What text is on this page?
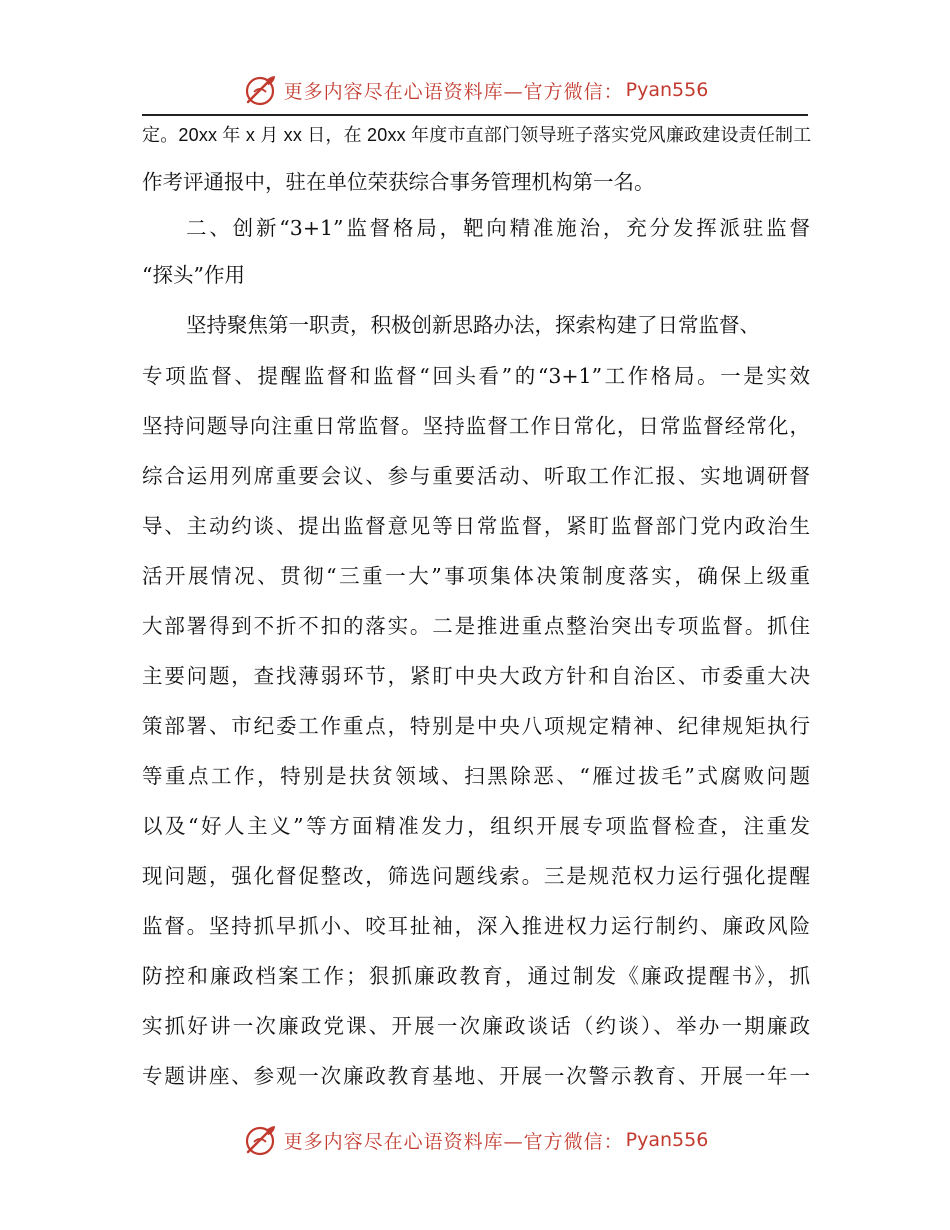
更多内容尽在心语资料库—官方微信： Pyan556
定。20xx 年 x 月 xx 日，在 20xx 年度市直部门领导班子落实党风廉政建设责任制工
作考评通报中，驻在单位荣获综合事务管理机构第一名。
二、创新“3+1”监督格局，靶向精准施治，充分发挥派驻监督
“探头”作用
坚持聚焦第一职责，积极创新思路办法，探索构建了日常监督、
专项监督、提醒监督和监督“回头看”的“3+1”工作格局。一是实效
坚持问题导向注重日常监督。坚持监督工作日常化，日常监督经常化，
综合运用列席重要会议、参与重要活动、听取工作汇报、实地调研督
导、主动约谈、提出监督意见等日常监督，紧盯监督部门党内政治生
活开展情况、贯彻“三重一大”事项集体决策制度落实，确保上级重
大部署得到不折不扣的落实。二是推进重点整治突出专项监督。抓住
主要问题，查找薄弱环节，紧盯中央大政方针和自治区、市委重大决
策部署、市纪委工作重点，特别是中央八项规定精神、纪律规矩执行
等重点工作，特别是扶贫领域、扫黑除恶、“雁过拔毛”式腐败问题
以及“好人主义”等方面精准发力，组织开展专项监督检查，注重发
现问题，强化督促整改，筛选问题线索。三是规范权力运行强化提醒
监督。坚持抓早抓小、咬耳扯袖，深入推进权力运行制约、廉政风险
防控和廉政档案工作；狠抓廉政教育，通过制发《廉政提醒书》，抓
实抓好讲一次廉政党课、开展一次廉政谈话（约谈）、举办一期廉政
专题讲座、参观一次廉政教育基地、开展一次警示教育、开展一年一
更多内容尽在心语资料库—官方微信： Pyan556
